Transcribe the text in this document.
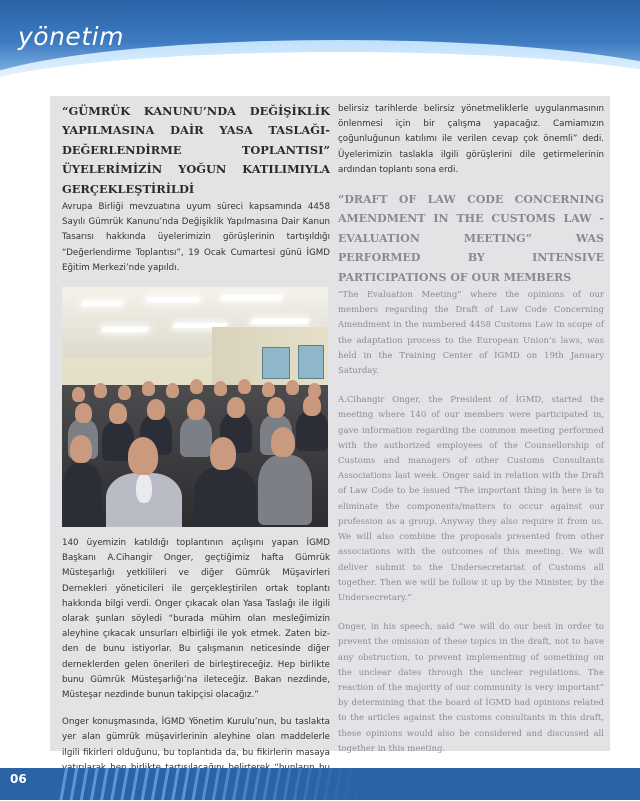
yönetim
“GÜMRÜK KANUNU’NDA DEĞİŞİKLİK YAPILMASINA DAİR YASA TASLAĞI- DEĞERLENDİRME TOPLANTISI” ÜYELERİMİZİN YOĞUN KATILIMIYLA GERÇEKLEŞTİRİLDİ

Avrupa Birliği mevzuatına uyum süreci kapsamında 4458 Sayılı Gümrük Kanunu’nda Değişiklik Yapılmasına Dair Kanun Tasarısı hakkında üyelerimizin görüşlerinin tartışıldığı “Değerlendirme Toplantısı”, 19 Ocak Cumartesi günü İGMD Eğitim Merkezi’nde yapıldı.

140 üyemizin katıldığı toplantının açılışını yapan İGMD Başkanı A.Cihangir Onger, geçtiğimiz hafta Gümrük Müsteşarlığı yetkilileri ve diğer Gümrük Müşavirleri Dernekleri yöneticileri ile gerçekleştirilen ortak toplantı hakkında bilgi verdi. Onger çıkacak olan Yasa Taslağı ile ilgili olarak şunları söyledi “burada mühim olan mesleğimizin aleyhine çıkacak unsurları elbirliği ile yok etmek. Zaten bizden de bunu istiyorlar. Bu çalışmanın neticesinde diğer derneklerden gelen önerileri de birleştireceğiz. Hep birlikte bunu Gümrük Müsteşarlığı’na ileteceğiz. Bakan nezdinde, Müsteşar nezdinde bunun takipçisi olacağız.”

Onger konuşmasında, İGMD Yönetim Kurulu’nun, bu taslakta yer alan gümrük müşavirlerinin aleyhine olan maddelerle ilgili fikirleri olduğunu, bu toplantıda da, bu fikirlerin masaya

belirsiz tarihlerde belirsiz yönetmeliklerle uygulanmasının önlenmesi için bir çalışma yapacağız. Camiamızın çoğunluğunun katılımı ile verilen cevap çok önemli” dedi. Üyelerimizin taslakla ilgili görüşlerini dile getirmelerinin ardından toplantı sona erdi.

“DRAFT OF LAW CODE CONCERNING AMENDMENT IN THE CUSTOMS LAW - EVALUATION MEETING” WAS PERFORMED BY INTENSIVE PARTICIPATIONS OF OUR MEMBERS

“The Evaluation Meeting” where the opinions of our members regarding the Draft of Law Code Concerning Amendment in the numbered 4458 Customs Law in scope of the adaptation process to the European Union’s laws, was held in the Training Center of İGMD on 19th January Saturday.

A.Cihangir Onger, the President of İGMD, started the meeting where 140 of our members were participated in, gave information regarding the common meeting performed with the authorized employees of the Counsellorship of Customs and managers of other Customs Consultants Associations last week. Onger said in relation with the Draft of Law Code to be issued “The important thing in here is to eliminate the components/matters to occur against our profession as a group. Anyway they also require it from us. We will also combine the proposals presented from other associations with the outcomes of this meeting. We will deliver submit to the Undersecretariat of Customs all together. Then we will be follow it up by the Minister, by the Undersecretary.”

Onger, in his speech, said “we will do our best in order to prevent the omission of these topics in the draft, not to have any obstruction, to prevent implementing of something on the unclear dates through the unclear regulations. The reaction of the majority of our community is very important” by determining that the board of İGMD had opinions related to the articles against the customs consultants in this draft, these opinions would also be considered and discussed all together in this meeting.

06
